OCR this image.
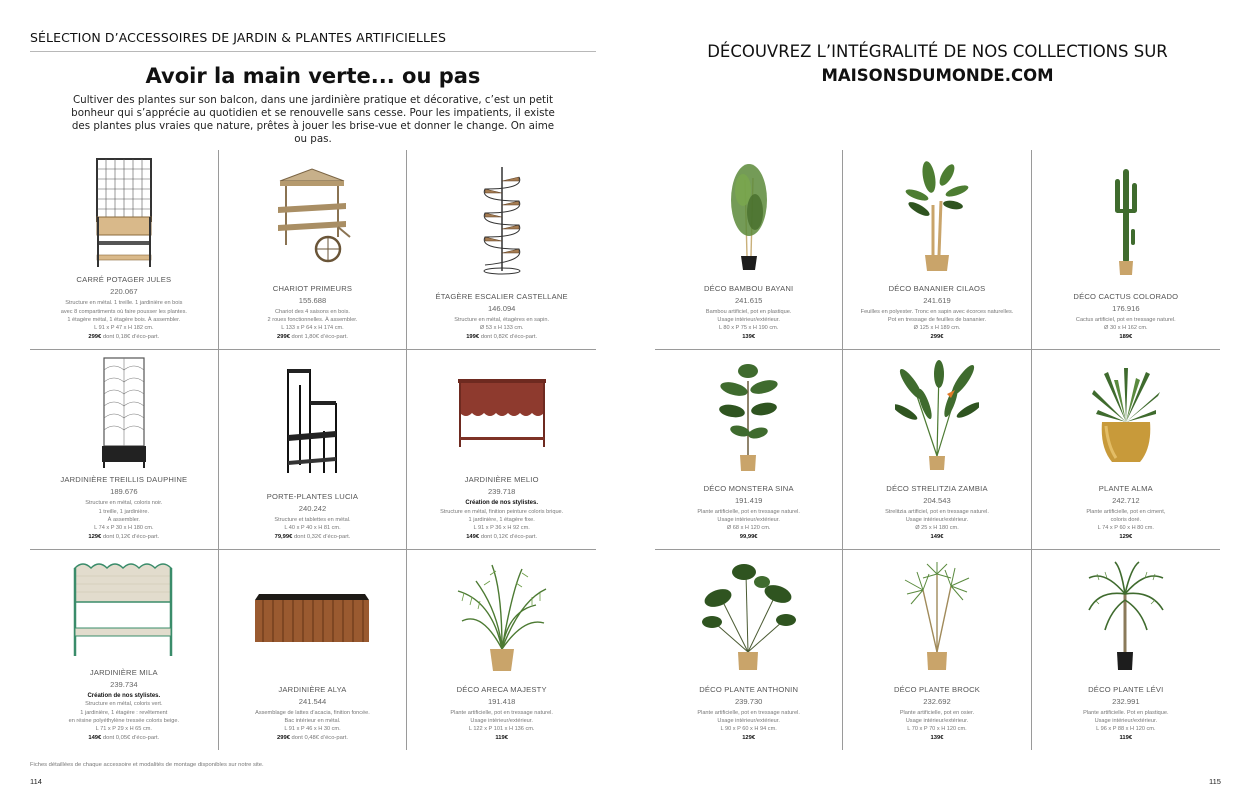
SÉLECTION D’ACCESSOIRES DE JARDIN & PLANTES ARTIFICIELLES
Avoir la main verte... ou pas

Cultiver des plantes sur son balcon, dans une jardinière pratique et décorative, c’est un petit bonheur qui s’apprécie au quotidien et se renouvelle sans cesse. Pour les impatients, il existe des plantes plus vraies que nature, prêtes à jouer les brise-vue et donner le change. On aime ou pas.

CARRÉ POTAGER JULES
220.067
Structure en métal. 1 treille. 1 jardinière en bois
avec 8 compartiments où faire pousser les plantes.
1 étagère métal, 1 étagère bois. À assembler.
L 91 x P 47 x H 182 cm.
299€ dont 0,18€ d’éco-part.
CHARIOT PRIMEURS
155.688
Chariot des 4 saisons en bois.
2 roues fonctionnelles. À assembler.
L 133 x P 64 x H 174 cm.
299€ dont 1,80€ d’éco-part.
ÉTAGÈRE ESCALIER CASTELLANE
146.094
Structure en métal, étagères en sapin.
Ø 53 x H 133 cm.
199€ dont 0,82€ d’éco-part.
JARDINIÈRE TREILLIS DAUPHINE
189.676
Structure en métal, coloris noir.
1 treille, 1 jardinière.
À assembler.
L 74 x P 30 x H 180 cm.
129€ dont 0,12€ d’éco-part.
PORTE-PLANTES LUCIA
240.242
Structure et tablettes en métal.
L 40 x P 40 x H 81 cm.
79,99€ dont 0,32€ d’éco-part.
JARDINIÈRE MELIO
239.718
Création de nos stylistes.
Structure en métal, finition peinture coloris brique.
1 jardinière, 1 étagère fixe.
L 91 x P 36 x H 92 cm.
149€ dont 0,12€ d’éco-part.
JARDINIÈRE MILA
239.734
Création de nos stylistes.
Structure en métal, coloris vert.
1 jardinière, 1 étagère : revêtement
en résine polyéthylène tressée coloris beige.
L 71 x P 29 x H 65 cm.
149€ dont 0,05€ d’éco-part.
JARDINIÈRE ALYA
241.544
Assemblage de lattes d’acacia, finition foncée.
Bac intérieur en métal.
L 91 x P 46 x H 30 cm.
299€ dont 0,48€ d’éco-part.
DÉCO ARECA MAJESTY
191.418
Plante artificielle, pot en tressage naturel.
Usage intérieur/extérieur.
L 122 x P 101 x H 136 cm.
119€
Fiches détaillées de chaque accessoire et modalités de montage disponibles sur notre site.
114
DÉCOUVREZ L’INTÉGRALITÉ DE NOS COLLECTIONS SUR
MAISONSDUMONDE.COM
DÉCO BAMBOU BAYANI
241.615
Bambou artificiel, pot en plastique.
Usage intérieur/extérieur.
L 80 x P 75 x H 190 cm.
139€
DÉCO BANANIER CILAOS
241.619
Feuilles en polyester. Tronc en sapin avec écorces naturelles.
Pot en tressage de feuilles de bananier.
Ø 125 x H 189 cm.
299€
DÉCO CACTUS COLORADO
176.916
Cactus artificiel, pot en tressage naturel.
Ø 30 x H 162 cm.
189€
DÉCO MONSTERA SINA
191.419
Plante artificielle, pot en tressage naturel.
Usage intérieur/extérieur.
Ø 68 x H 120 cm.
99,99€
DÉCO STRELITZIA ZAMBIA
204.543
Strelitzia artificiel, pot en tressage naturel.
Usage intérieur/extérieur.
Ø 25 x H 180 cm.
149€
PLANTE ALMA
242.712
Plante artificielle, pot en ciment,
coloris doré.
L 74 x P 60 x H 80 cm.
129€
DÉCO PLANTE ANTHONIN
239.730
Plante artificielle, pot en tressage naturel.
Usage intérieur/extérieur.
L 90 x P 60 x H 94 cm.
129€
DÉCO PLANTE BROCK
232.692
Plante artificielle, pot en osier.
Usage intérieur/extérieur.
L 70 x P 70 x H 120 cm.
139€
DÉCO PLANTE LÉVI
232.991
Plante artificielle. Pot en plastique.
Usage intérieur/extérieur.
L 96 x P 88 x H 120 cm.
119€
115
